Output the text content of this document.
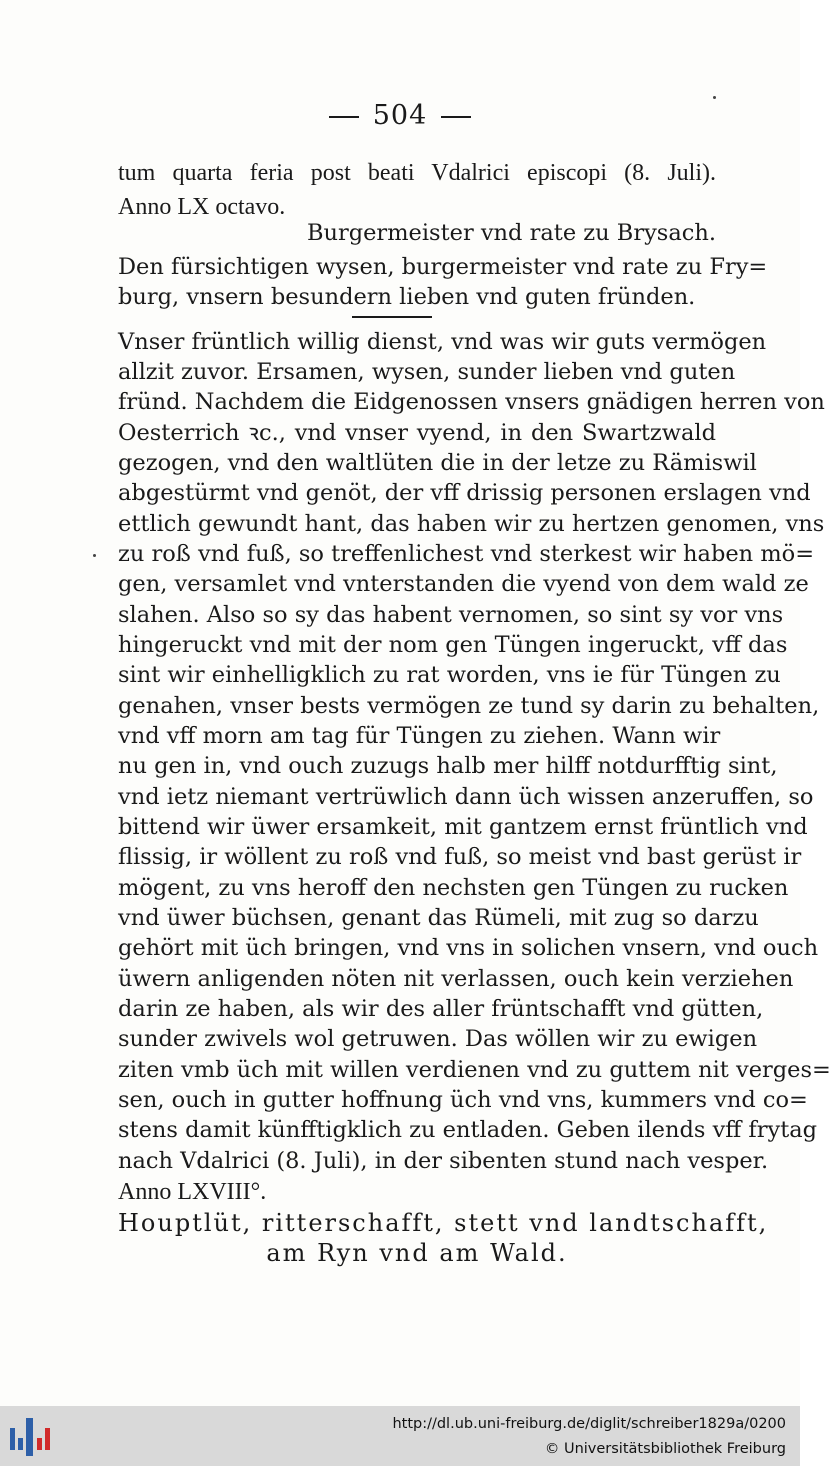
504
tum quarta feria post beati Vdalrici episcopi (8. Juli).
Anno LX octavo.
Burgermeister vnd rate zu Brysach.
Den fürsichtigen wysen, burgermeister vnd rate zu Fry=
burg, vnsern besundern lieben vnd guten fründen.
Vnser früntlich willig dienst, vnd was wir guts vermögen
allzit zuvor. Ersamen, wysen, sunder lieben vnd guten
fründ. Nachdem die Eidgenossen vnsers gnädigen herren von
Oesterrich ꝛc., vnd vnser vyend, in den Swartzwald
gezogen, vnd den waltlüten die in der letze zu Rämiswil
abgestürmt vnd genöt, der vff drissig personen erslagen vnd
ettlich gewundt hant, das haben wir zu hertzen genomen, vns
zu roß vnd fuß, so treffenlichest vnd sterkest wir haben mö=
gen, versamlet vnd vnterstanden die vyend von dem wald ze
slahen. Also so sy das habent vernomen, so sint sy vor vns
hingeruckt vnd mit der nom gen Tüngen ingeruckt, vff das
sint wir einhelligklich zu rat worden, vns ie für Tüngen zu
genahen, vnser bests vermögen ze tund sy darin zu behalten,
vnd vff morn am tag für Tüngen zu ziehen. Wann wir
nu gen in, vnd ouch zuzugs halb mer hilff notdurfftig sint,
vnd ietz niemant vertrüwlich dann üch wissen anzeruffen, so
bittend wir üwer ersamkeit, mit gantzem ernst früntlich vnd
flissig, ir wöllent zu roß vnd fuß, so meist vnd bast gerüst ir
mögent, zu vns heroff den nechsten gen Tüngen zu rucken
vnd üwer büchsen, genant das Rümeli, mit zug so darzu
gehört mit üch bringen, vnd vns in solichen vnsern, vnd ouch
üwern anligenden nöten nit verlassen, ouch kein verziehen
darin ze haben, als wir des aller früntschafft vnd gütten,
sunder zwivels wol getruwen. Das wöllen wir zu ewigen
ziten vmb üch mit willen verdienen vnd zu guttem nit verges=
sen, ouch in gutter hoffnung üch vnd vns, kummers vnd co=
stens damit künfftigklich zu entladen. Geben ilends vff frytag
nach Vdalrici (8. Juli), in der sibenten stund nach vesper.
Anno LXVIII°.
Houptlüt, ritterschafft, stett vnd landtschafft,
am Ryn vnd am Wald.
http://dl.ub.uni-freiburg.de/diglit/schreiber1829a/0200
© Universitätsbibliothek Freiburg
